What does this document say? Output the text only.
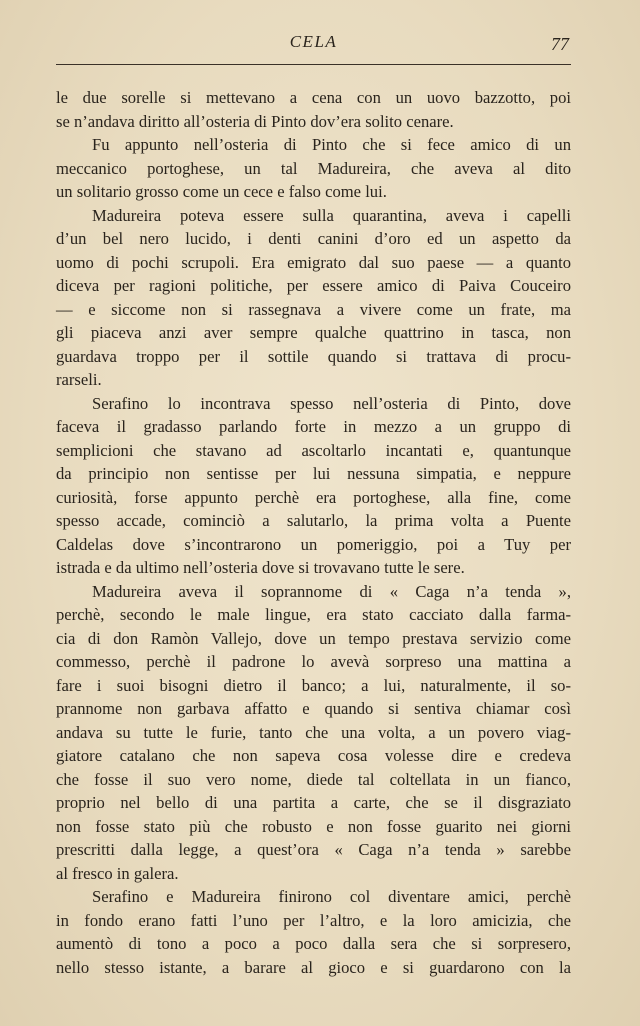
CELA	77
le due sorelle si mettevano a cena con un uovo bazzotto, poi
se n’andava diritto all’osteria di Pinto dov’era solito cenare.
Fu appunto nell’osteria di Pinto che si fece amico di un
meccanico portoghese, un tal Madureira, che aveva al dito
un solitario grosso come un cece e falso come lui.
Madureira poteva essere sulla quarantina, aveva i capelli
d’un bel nero lucido, i denti canini d’oro ed un aspetto da
uomo di pochi scrupoli. Era emigrato dal suo paese — a quanto
diceva per ragioni politiche, per essere amico di Paiva Couceiro
— e siccome non si rassegnava a vivere come un frate, ma
gli piaceva anzi aver sempre qualche quattrino in tasca, non
guardava troppo per il sottile quando si trattava di procu-
rarseli.
Serafino lo incontrava spesso nell’osteria di Pinto, dove
faceva il gradasso parlando forte in mezzo a un gruppo di
semplicioni che stavano ad ascoltarlo incantati e, quantunque
da principio non sentisse per lui nessuna simpatia, e neppure
curiosità, forse appunto perchè era portoghese, alla fine, come
spesso accade, cominciò a salutarlo, la prima volta a Puente
Caldelas dove s’incontrarono un pomeriggio, poi a Tuy per
istrada e da ultimo nell’osteria dove si trovavano tutte le sere.
Madureira aveva il soprannome di « Caga n’a tenda »,
perchè, secondo le male lingue, era stato cacciato dalla farma-
cia di don Ramòn Vallejo, dove un tempo prestava servizio come
commesso, perchè il padrone lo avevà sorpreso una mattina a
fare i suoi bisogni dietro il banco; a lui, naturalmente, il so-
prannome non garbava affatto e quando si sentiva chiamar così
andava su tutte le furie, tanto che una volta, a un povero viag-
giatore catalano che non sapeva cosa volesse dire e credeva
che fosse il suo vero nome, diede tal coltellata in un fianco,
proprio nel bello di una partita a carte, che se il disgraziato
non fosse stato più che robusto e non fosse guarito nei giorni
prescritti dalla legge, a quest’ora « Caga n’a tenda » sarebbe
al fresco in galera.
Serafino e Madureira finirono col diventare amici, perchè
in fondo erano fatti l’uno per l’altro, e la loro amicizia, che
aumentò di tono a poco a poco dalla sera che si sorpresero,
nello stesso istante, a barare al gioco e si guardarono con la
